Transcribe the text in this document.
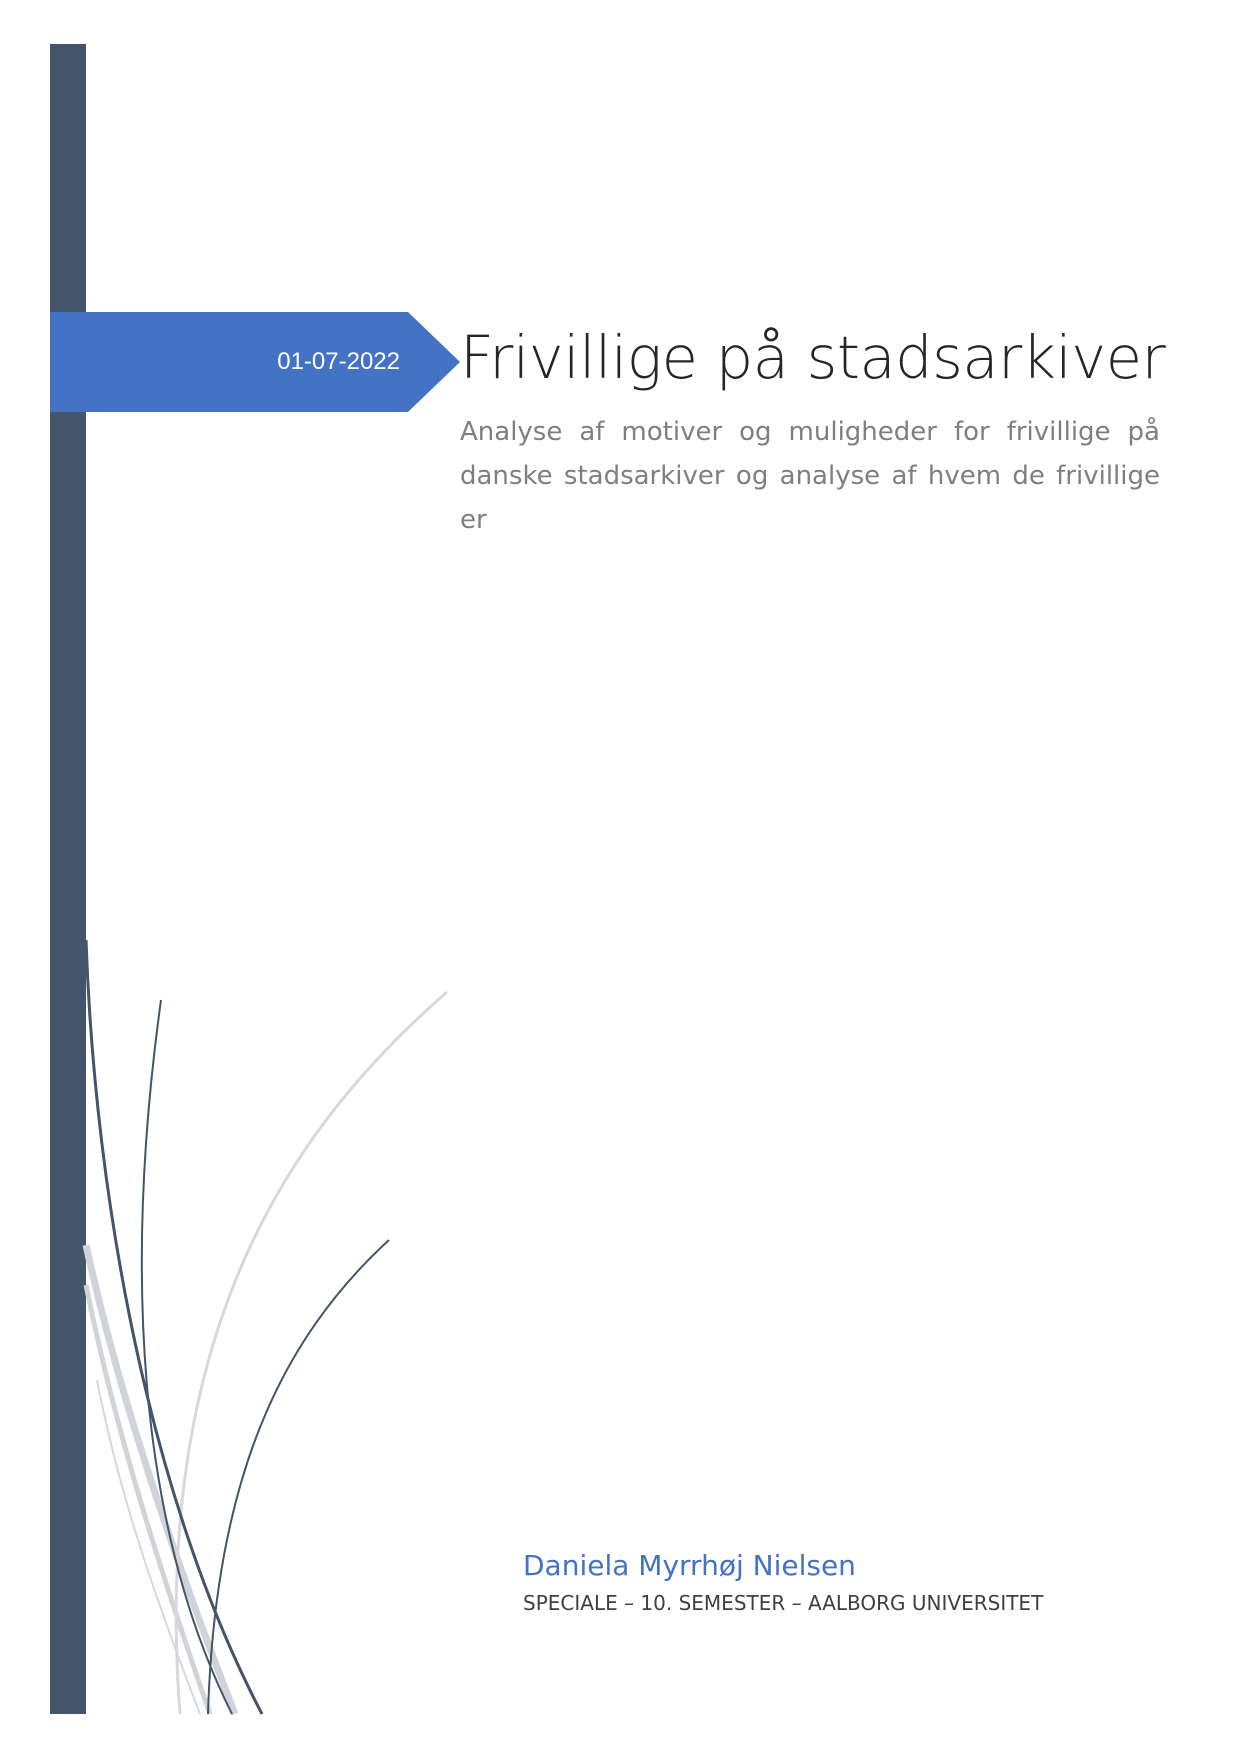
01-07-2022 Frivillige på stadsarkiver

Analyse af motiver og muligheder for frivillige på danske stadsarkiver og analyse af hvem de frivillige er

Daniela Myrrhøj Nielsen

SPECIALE – 10. SEMESTER – AALBORG UNIVERSITET
